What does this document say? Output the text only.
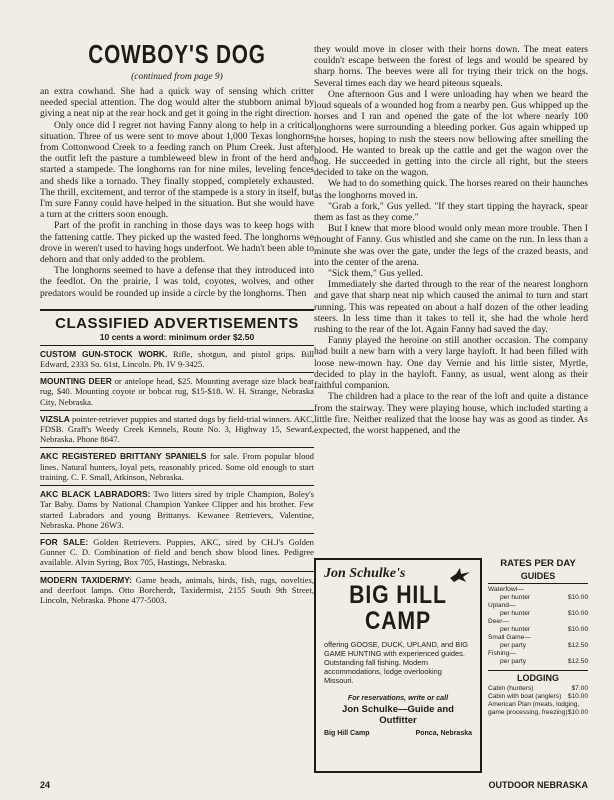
COWBOY'S DOG
(continued from page 9)

an extra cowhand. She had a quick way of sensing which critter needed special attention. The dog would alter the stubborn animal by giving a neat nip at the rear hock and get it going in the right direction.

Only once did I regret not having Fanny along to help in a critical situation. Three of us were sent to move about 1,000 Texas longhorns from Cottonwood Creek to a feeding ranch on Plum Creek. Just after the outfit left the pasture a tumbleweed blew in front of the herd and started a stampede. The longhorns ran for nine miles, leveling fences and sheds like a tornado. They finally stopped, completely exhausted. The thrill, excitement, and terror of the stampede is a story in itself, but I'm sure Fanny could have helped in the situation. But she would have a turn at the critters soon enough.

Part of the profit in ranching in those days was to keep hogs with the fattening cattle. They picked up the wasted feed. The longhorns we drove in weren't used to having hogs underfoot. We hadn't been able to dehorn and that only added to the problem.

The longhorns seemed to have a defense that they introduced into the feedlot. On the prairie, I was told, coyotes, wolves, and other predators would be rounded up inside a circle by the longhorns. Then

CLASSIFIED ADVERTISEMENTS
10 cents a word: minimum order $2.50
CUSTOM GUN-STOCK WORK. Rifle, shotgun, and pistol grips. Bill Edward, 2333 So. 61st, Lincoln. Ph. IV 9-3425.
MOUNTING DEER or antelope head, $25. Mounting average size black bear rug, $40. Mounting coyote or bobcat rug, $15-$18. W. H. Strange, Nebraska City, Nebraska.
VIZSLA pointer-retriever puppies and started dogs by field-trial winners. AKC, FDSB. Graff's Weedy Creek Kennels, Route No. 3, Highway 15, Seward, Nebraska. Phone 8647.
AKC REGISTERED BRITTANY SPANIELS for sale. From popular blood lines. Natural hunters, loyal pets, reasonably priced. Some old enough to start training. C. F. Small, Atkinson, Nebraska.
AKC BLACK LABRADORS: Two litters sired by triple Champion, Boley's Tar Baby. Dams by National Champion Yankee Clipper and his brother. Few started Labradors and young Brittanys. Kewanee Retrievers, Valentine, Nebraska. Phone 26W3.
FOR SALE: Golden Retrievers. Puppies, AKC, sired by CH.J's Golden Gunner C. D. Combination of field and bench show blood lines. Pedigree available. Alvin Syring, Box 705, Hastings, Nebraska.
MODERN TAXIDERMY: Game heads, animals, birds, fish, rugs, novelties, and deerfoot lamps. Otto Borcherdt, Taxidermist, 2155 South 9th Street, Lincoln, Nebraska. Phone 477-5003.

they would move in closer with their horns down. The meat eaters couldn't escape between the forest of legs and would be speared by sharp horns. The beeves were all for trying their trick on the hogs. Several times each day we heard piteous squeals.

One afternoon Gus and I were unloading hay when we heard the loud squeals of a wounded hog from a nearby pen. Gus whipped up the horses and I ran and opened the gate of the lot where nearly 100 longhorns were surrounding a bleeding porker. Gus again whipped up the horses, hoping to rush the steers now bellowing after smelling the blood. He wanted to break up the cattle and get the wagon over the hog. He succeeded in getting into the circle all right, but the steers decided to take on the wagon.

We had to do something quick. The horses reared on their haunches as the longhorns moved in.

"Grab a fork," Gus yelled. "If they start tipping the hayrack, spear them as fast as they come."

But I knew that more blood would only mean more trouble. Then I thought of Fanny. Gus whistled and she came on the run. In less than a minute she was over the gate, under the legs of the crazed beasts, and into the center of the arena.

"Sick them," Gus yelled.

Immediately she darted through to the rear of the nearest longhorn and gave that sharp neat nip which caused the animal to turn and start running. This was repeated on about a half dozen of the other leading steers. In less time than it takes to tell it, she had the whole herd rushing to the rear of the lot. Again Fanny had saved the day.

Fanny played the heroine on still another occasion. The company had built a new barn with a very large hayloft. It had been filled with loose new-mown hay. One day Vernie and his little sister, Myrtle, decided to play in the hayloft. Fanny, as usual, went along as their faithful companion.

The children had a place to the rear of the loft and quite a distance from the stairway. They were playing house, which included starting a little fire. Neither realized that the loose hay was as good as tinder. As expected, the worst happened, and the

Jon Schulke's
BIG HILL
CAMP
offering GOOSE, DUCK, UPLAND, and BIG GAME HUNTING with experienced guides. Outstanding fall fishing. Modern accommodations, lodge overlooking Missouri.
For reservations, write or call
Jon Schulke—Guide and Outfitter
Big Hill Camp	Ponca, Nebraska
RATES PER DAY
GUIDES
Waterfowl—
per hunter	$10.00
Upland—
per hunter	$10.00
Deer—
per hunter	$10.00
Small Game—
per party	$12.50
Fishing—
per party	$12.50
LODGING
Cabin (hunters)	$7.00
Cabin with boat (anglers) $10.00
American Plan (meals, lodging, game processing, freezing) $10.00
24	OUTDOOR NEBRASKA
